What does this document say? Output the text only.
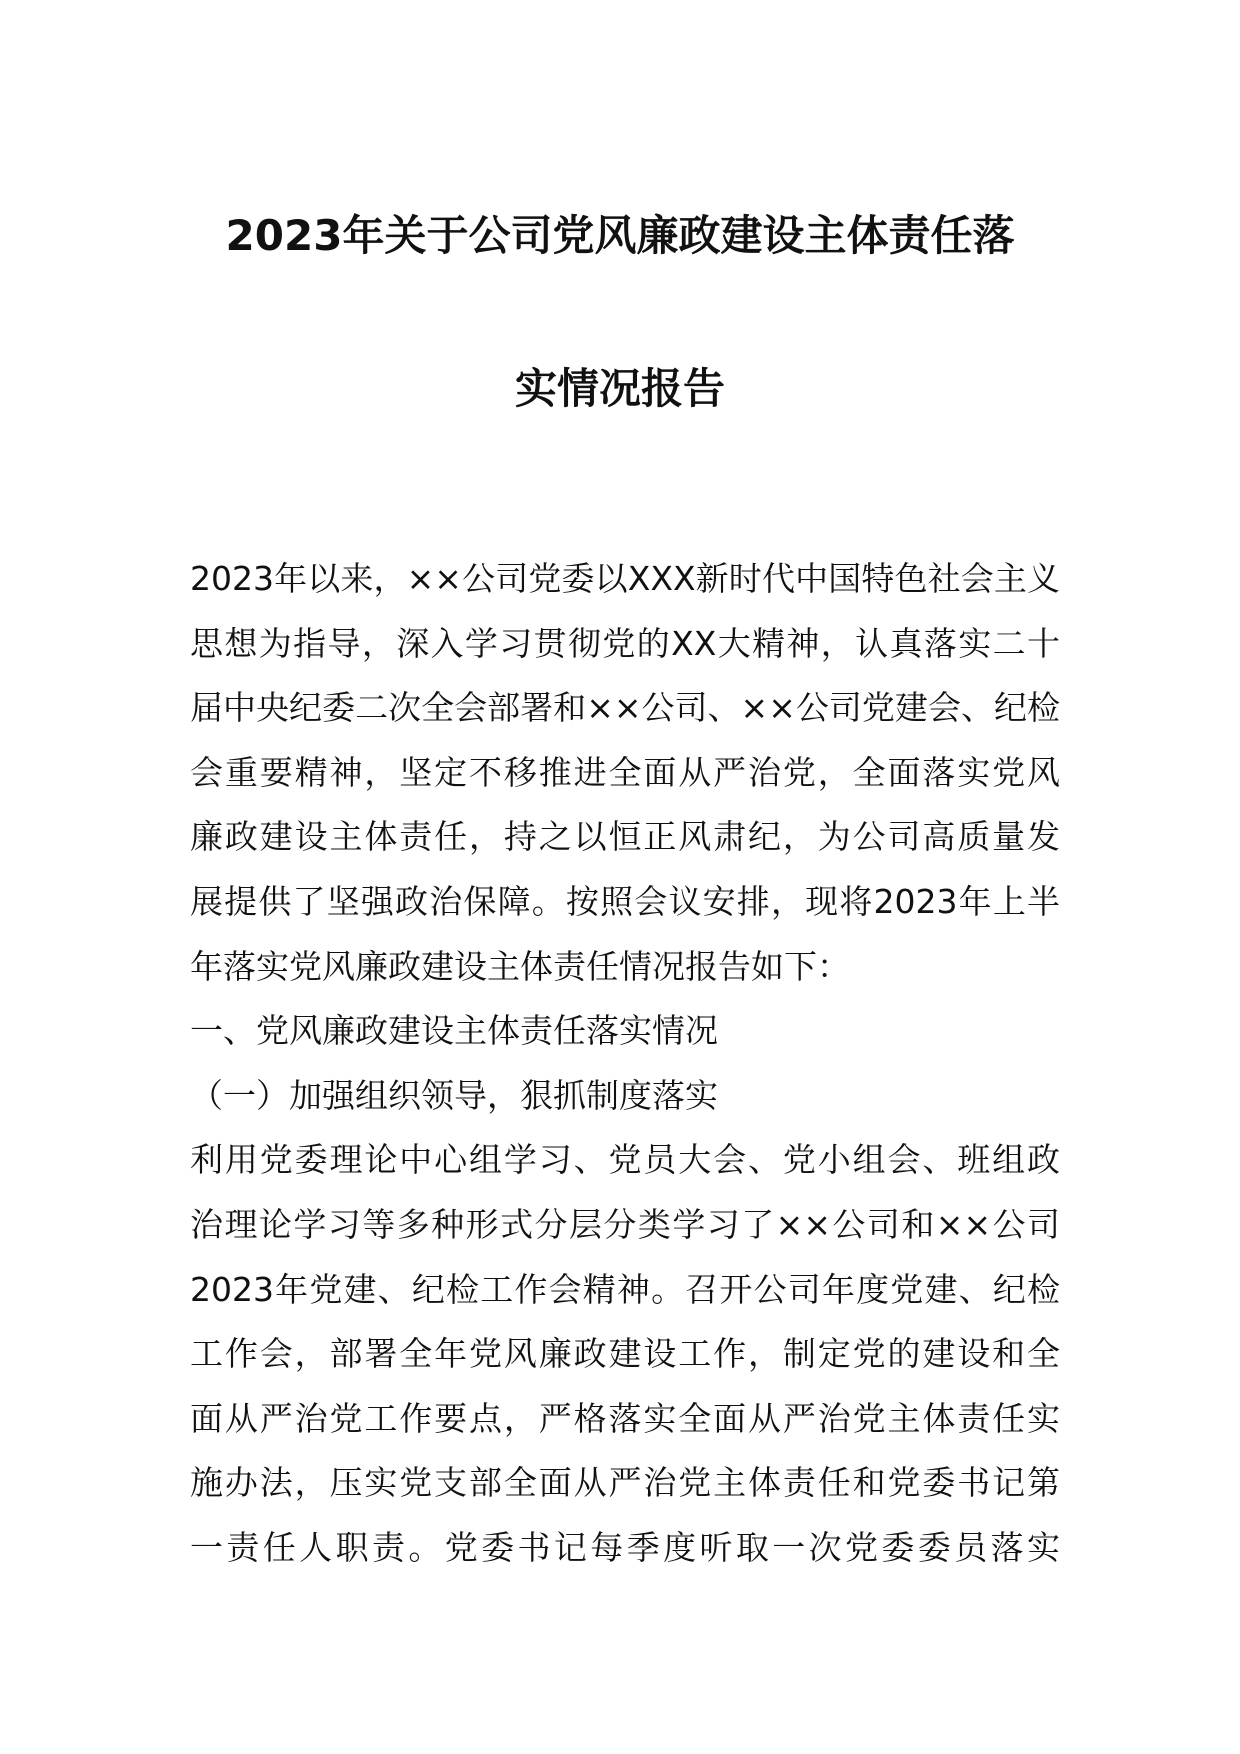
2023年关于公司党风廉政建设主体责任落
实情况报告
2023年以来，××公司党委以XXX新时代中国特色社会主义
思想为指导，深入学习贯彻党的XX大精神，认真落实二十
届中央纪委二次全会部署和××公司、××公司党建会、纪检
会重要精神，坚定不移推进全面从严治党，全面落实党风
廉政建设主体责任，持之以恒正风肃纪，为公司高质量发
展提供了坚强政治保障。按照会议安排，现将2023年上半
年落实党风廉政建设主体责任情况报告如下：
一、党风廉政建设主体责任落实情况
（一）加强组织领导，狠抓制度落实
利用党委理论中心组学习、党员大会、党小组会、班组政
治理论学习等多种形式分层分类学习了××公司和××公司
2023年党建、纪检工作会精神。召开公司年度党建、纪检
工作会，部署全年党风廉政建设工作，制定党的建设和全
面从严治党工作要点，严格落实全面从严治党主体责任实
施办法，压实党支部全面从严治党主体责任和党委书记第
一责任人职责。党委书记每季度听取一次党委委员落实
